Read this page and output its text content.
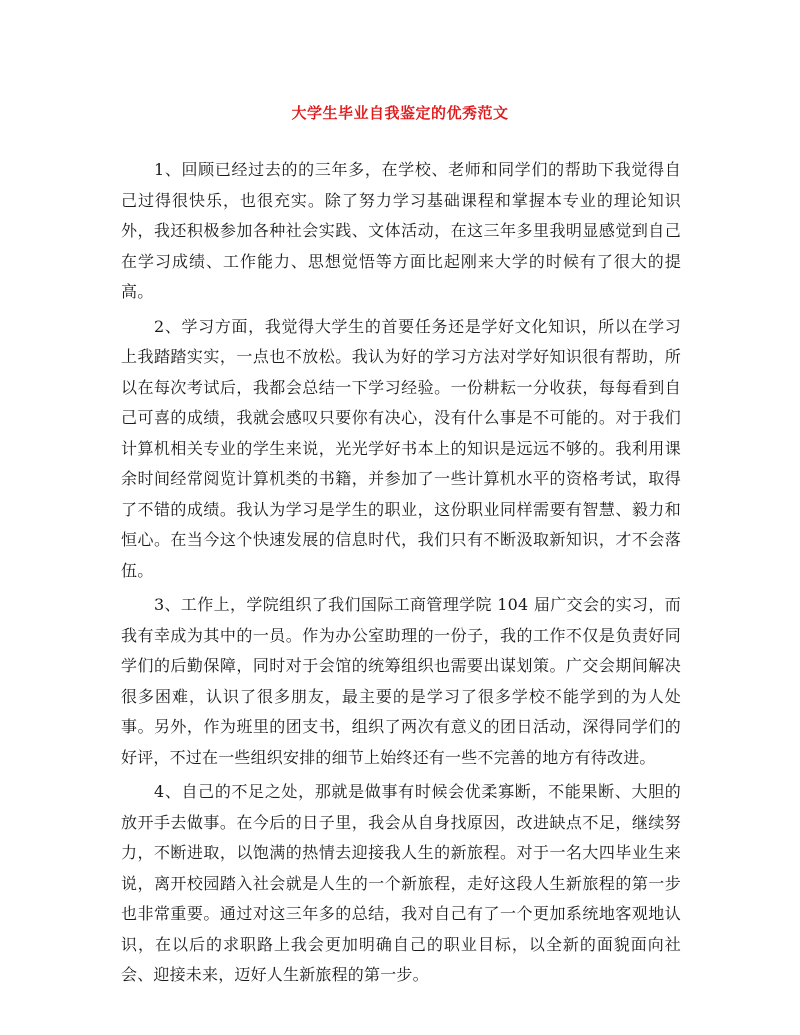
大学生毕业自我鉴定的优秀范文

1、回顾已经过去的的三年多，在学校、老师和同学们的帮助下我觉得自己过得很快乐，也很充实。除了努力学习基础课程和掌握本专业的理论知识外，我还积极参加各种社会实践、文体活动，在这三年多里我明显感觉到自己在学习成绩、工作能力、思想觉悟等方面比起刚来大学的时候有了很大的提高。

2、学习方面，我觉得大学生的首要任务还是学好文化知识，所以在学习上我踏踏实实，一点也不放松。我认为好的学习方法对学好知识很有帮助，所以在每次考试后，我都会总结一下学习经验。一份耕耘一分收获，每每看到自己可喜的成绩，我就会感叹只要你有决心，没有什么事是不可能的。对于我们计算机相关专业的学生来说，光光学好书本上的知识是远远不够的。我利用课余时间经常阅览计算机类的书籍，并参加了一些计算机水平的资格考试，取得了不错的成绩。我认为学习是学生的职业，这份职业同样需要有智慧、毅力和恒心。在当今这个快速发展的信息时代，我们只有不断汲取新知识，才不会落伍。

3、工作上，学院组织了我们国际工商管理学院 104 届广交会的实习，而我有幸成为其中的一员。作为办公室助理的一份子，我的工作不仅是负责好同学们的后勤保障，同时对于会馆的统筹组织也需要出谋划策。广交会期间解决很多困难，认识了很多朋友，最主要的是学习了很多学校不能学到的为人处事。另外，作为班里的团支书，组织了两次有意义的团日活动，深得同学们的好评，不过在一些组织安排的细节上始终还有一些不完善的地方有待改进。

4、自己的不足之处，那就是做事有时候会优柔寡断，不能果断、大胆的放开手去做事。在今后的日子里，我会从自身找原因，改进缺点不足，继续努力，不断进取，以饱满的热情去迎接我人生的新旅程。对于一名大四毕业生来说，离开校园踏入社会就是人生的一个新旅程，走好这段人生新旅程的第一步也非常重要。通过对这三年多的总结，我对自己有了一个更加系统地客观地认识，在以后的求职路上我会更加明确自己的职业目标，以全新的面貌面向社会、迎接未来，迈好人生新旅程的第一步。
